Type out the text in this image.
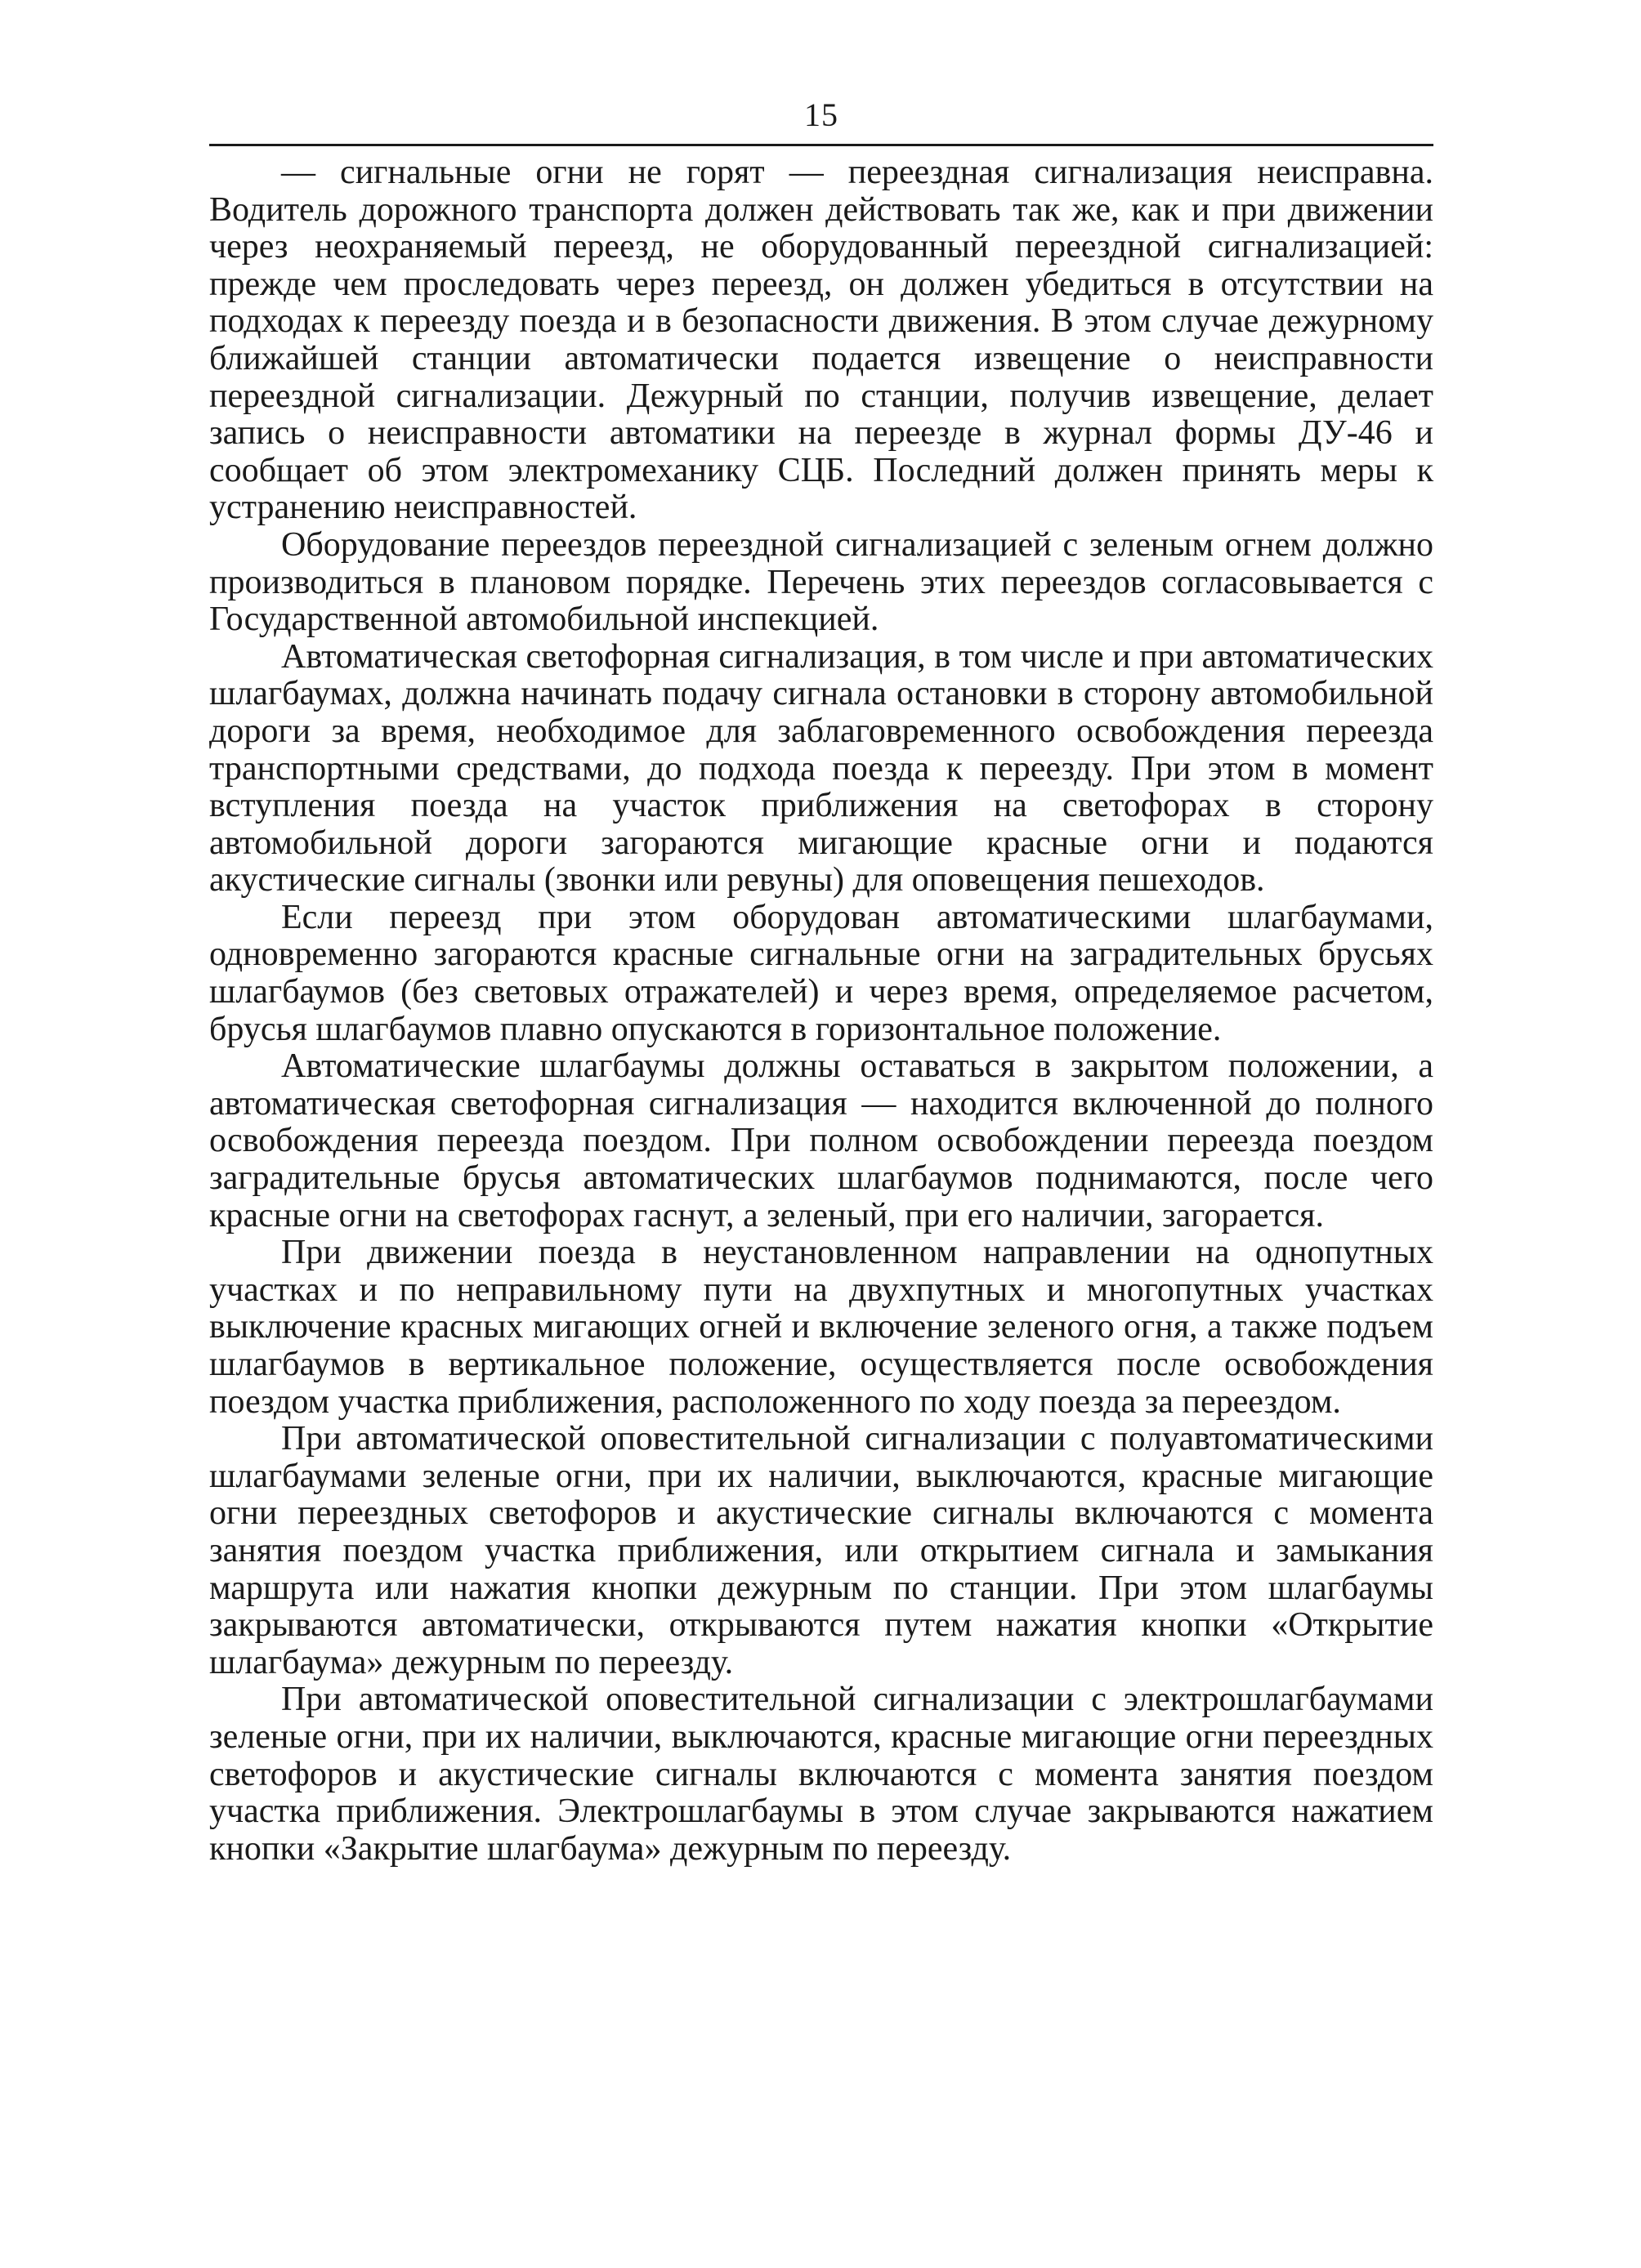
15

— сигнальные огни не горят — переездная сигнализация неисправна. Водитель дорожного транспорта должен действовать так же, как и при движении через неохраняемый переезд, не оборудованный переездной сигнализацией: прежде чем проследовать через переезд, он должен убедиться в отсутствии на подходах к переезду поезда и в безопасности движения. В этом случае дежурному ближайшей станции автоматически подается извещение о неисправности переездной сигнализации. Дежурный по станции, получив извещение, делает запись о неисправности автоматики на переезде в журнал формы ДУ-46 и сообщает об этом электромеханику СЦБ. Последний должен принять меры к устранению неисправностей.

Оборудование переездов переездной сигнализацией с зеленым огнем должно производиться в плановом порядке. Перечень этих переездов согласовывается с Государственной автомобильной инспекцией.

Автоматическая светофорная сигнализация, в том числе и при автоматических шлагбаумах, должна начинать подачу сигнала остановки в сторону автомобильной дороги за время, необходимое для заблаговременного освобождения переезда транспортными средствами, до подхода поезда к переезду. При этом в момент вступления поезда на участок приближения на светофорах в сторону автомобильной дороги загораются мигающие красные огни и подаются акустические сигналы (звонки или ревуны) для оповещения пешеходов.

Если переезд при этом оборудован автоматическими шлагбаумами, одновременно загораются красные сигнальные огни на заградительных брусьях шлагбаумов (без световых отражателей) и через время, определяемое расчетом, брусья шлагбаумов плавно опускаются в горизонтальное положение.

Автоматические шлагбаумы должны оставаться в закрытом положении, а автоматическая светофорная сигнализация — находится включенной до полного освобождения переезда поездом. При полном освобождении переезда поездом заградительные брусья автоматических шлагбаумов поднимаются, после чего красные огни на светофорах гаснут, а зеленый, при его наличии, загорается.

При движении поезда в неустановленном направлении на однопутных участках и по неправильному пути на двухпутных и многопутных участках выключение красных мигающих огней и включение зеленого огня, а также подъем шлагбаумов в вертикальное положение, осуществляется после освобождения поездом участка приближения, расположенного по ходу поезда за переездом.

При автоматической оповестительной сигнализации с полуавтоматическими шлагбаумами зеленые огни, при их наличии, выключаются, красные мигающие огни переездных светофоров и акустические сигналы включаются с момента занятия поездом участка приближения, или открытием сигнала и замыкания маршрута или нажатия кнопки дежурным по станции. При этом шлагбаумы закрываются автоматически, открываются путем нажатия кнопки «Открытие шлагбаума» дежурным по переезду.

При автоматической оповестительной сигнализации с электрошлагбаумами зеленые огни, при их наличии, выключаются, красные мигающие огни переездных светофоров и акустические сигналы включаются с момента занятия поездом участка приближения. Электрошлагбаумы в этом случае закрываются нажатием кнопки «Закрытие шлагбаума» дежурным по переезду.
